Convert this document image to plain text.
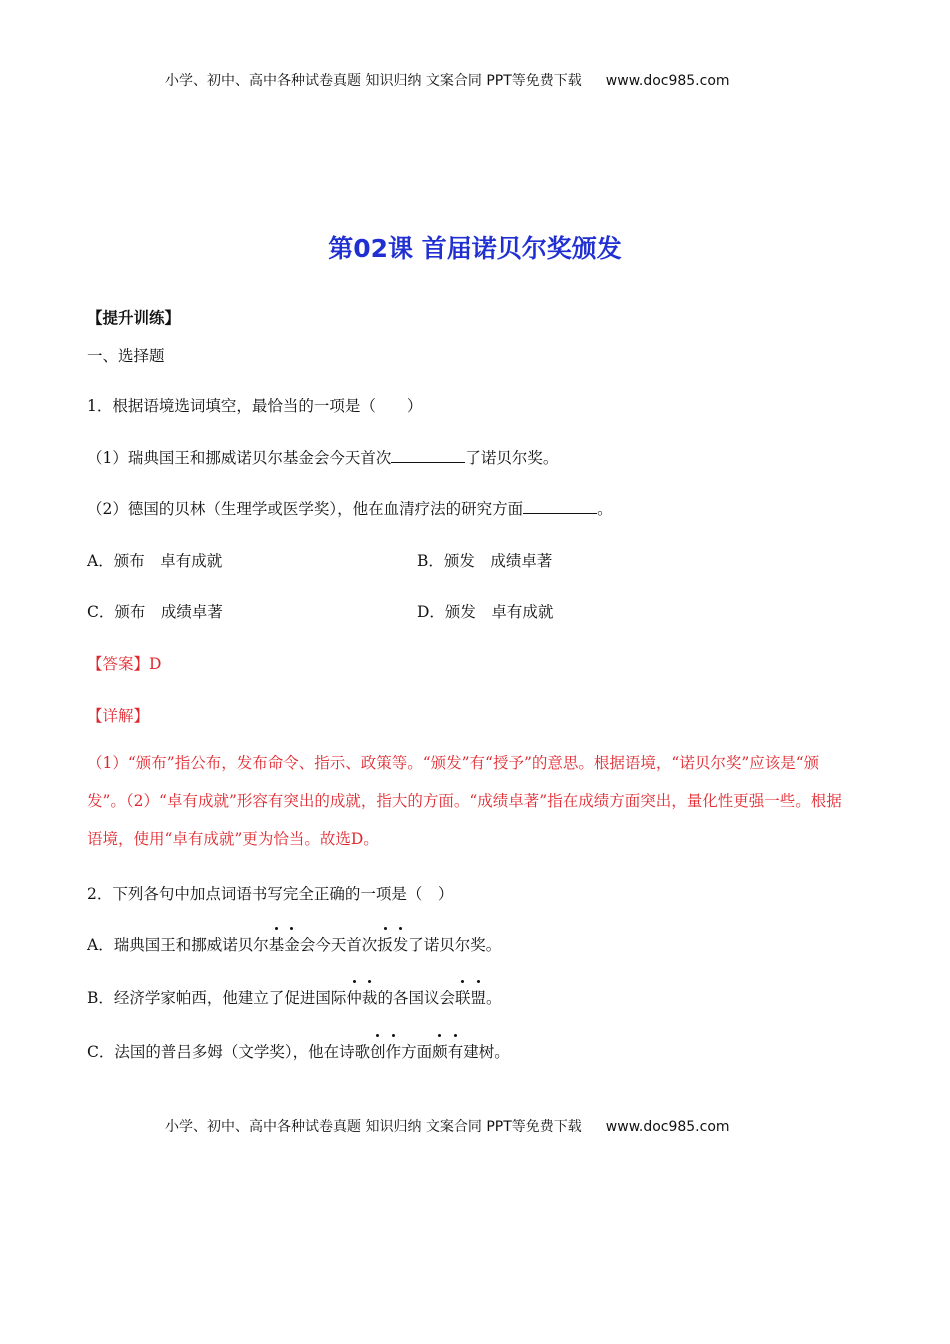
小学、初中、高中各种试卷真题 知识归纳 文案合同 PPT等免费下载 www.doc985.com
第02课 首届诺贝尔奖颁发
【提升训练】
一、选择题
1．根据语境选词填空，最恰当的一项是（　　）
（1）瑞典国王和挪威诺贝尔基金会今天首次	了诺贝尔奖。
（2）德国的贝林（生理学或医学奖），他在血清疗法的研究方面	。
A．颁布　卓有成就	B．颁发　成绩卓著
C．颁布　成绩卓著	D．颁发　卓有成就
【答案】D
【详解】
（1）“颁布”指公布，发布命令、指示、政策等。“颁发”有“授予”的意思。根据语境，“诺贝尔奖”应该是“颁发”。（2）“卓有成就”形容有突出的成就，指大的方面。“成绩卓著”指在成绩方面突出，量化性更强一些。根据语境，使用“卓有成就”更为恰当。故选D。
2．下列各句中加点词语书写完全正确的一项是（　）
A．瑞典国王和挪威诺贝尔基金会今天首次扳发了诺贝尔奖。
B．经济学家帕西，他建立了促进国际仲裁的各国议会联盟。
C．法国的普吕多姆（文学奖），他在诗歌创作方面颇有建树。
小学、初中、高中各种试卷真题 知识归纳 文案合同 PPT等免费下载 www.doc985.com
